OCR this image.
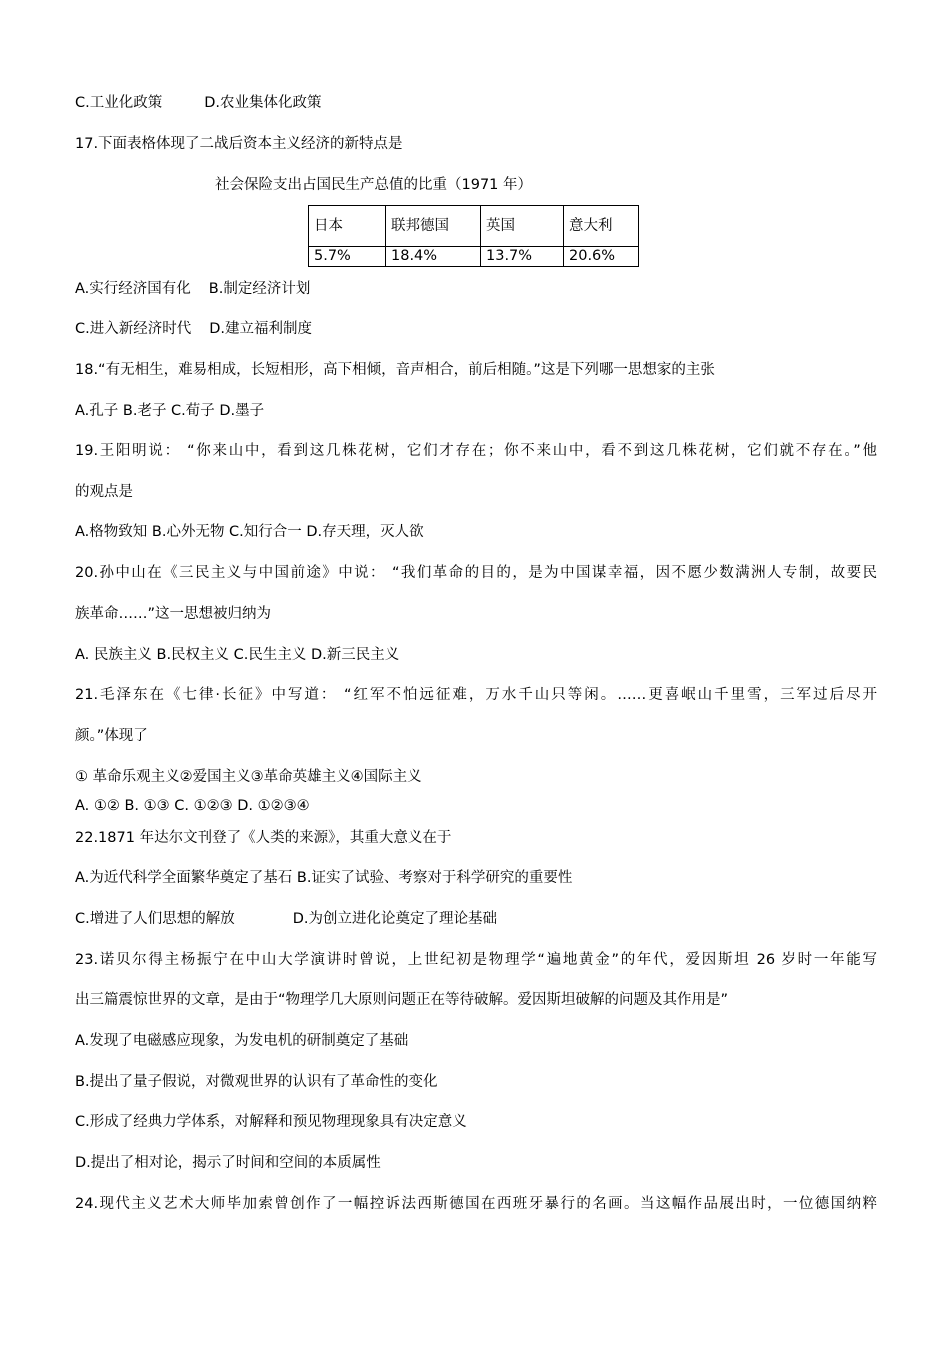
C.工业化政策	D.农业集体化政策
17.下面表格体现了二战后资本主义经济的新特点是
社会保险支出占国民生产总值的比重（1971 年）
日本	联邦德国	英国	意大利
5.7%	18.4%	13.7%	20.6%
A.实行经济国有化 B.制定经济计划
C.进入新经济时代 D.建立福利制度
18.“有无相生，难易相成，长短相形，高下相倾，音声相合，前后相随。”这是下列哪一思想家的主张
A.孔子 B.老子 C.荀子 D.墨子
19.王阳明说： “你来山中，看到这几株花树，它们才存在；你不来山中，看不到这几株花树，它们就不存在。”他
的观点是
A.格物致知 B.心外无物 C.知行合一 D.存天理，灭人欲
20.孙中山在《三民主义与中国前途》中说： “我们革命的目的，是为中国谋幸福，因不愿少数满洲人专制，故要民
族革命……”这一思想被归纳为
A. 民族主义 B.民权主义 C.民生主义 D.新三民主义
21.毛泽东在《七律·长征》中写道： “红军不怕远征难，万水千山只等闲。……更喜岷山千里雪，三军过后尽开
颜。”体现了
① 革命乐观主义②爱国主义③革命英雄主义④国际主义
A. ①② B. ①③ C. ①②③ D. ①②③④
22.1871 年达尔文刊登了《人类的来源》，其重大意义在于
A.为近代科学全面繁华奠定了基石 B.证实了试验、考察对于科学研究的重要性
C.增进了人们思想的解放	D.为创立进化论奠定了理论基础
23.诺贝尔得主杨振宁在中山大学演讲时曾说，上世纪初是物理学“遍地黄金”的年代，爱因斯坦 26 岁时一年能写
出三篇震惊世界的文章，是由于“物理学几大原则问题正在等待破解。爱因斯坦破解的问题及其作用是”
A.发现了电磁感应现象，为发电机的研制奠定了基础
B.提出了量子假说，对微观世界的认识有了革命性的变化
C.形成了经典力学体系，对解释和预见物理现象具有决定意义
D.提出了相对论，揭示了时间和空间的本质属性
24.现代主义艺术大师毕加索曾创作了一幅控诉法西斯德国在西班牙暴行的名画。当这幅作品展出时，一位德国纳粹
